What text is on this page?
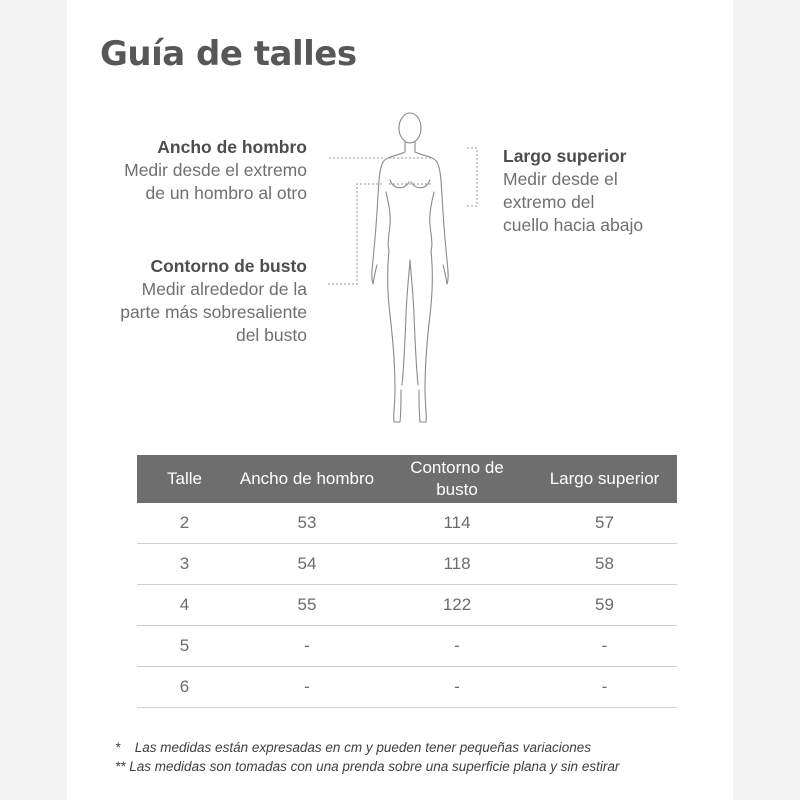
Guía de talles
Ancho de hombro
Medir desde el extremo
de un hombro al otro
Contorno de busto
Medir alrededor de la
parte más sobresaliente
del busto
Largo superior
Medir desde el
extremo del
cuello hacia abajo
Talle	Ancho de hombro	Contorno de busto	Largo superior
2	53	114	57
3	54	118	58
4	55	122	59
5	-	-	-
6	-	-	-
* Las medidas están expresadas en cm y pueden tener pequeñas variaciones
** Las medidas son tomadas con una prenda sobre una superficie plana y sin estirar
